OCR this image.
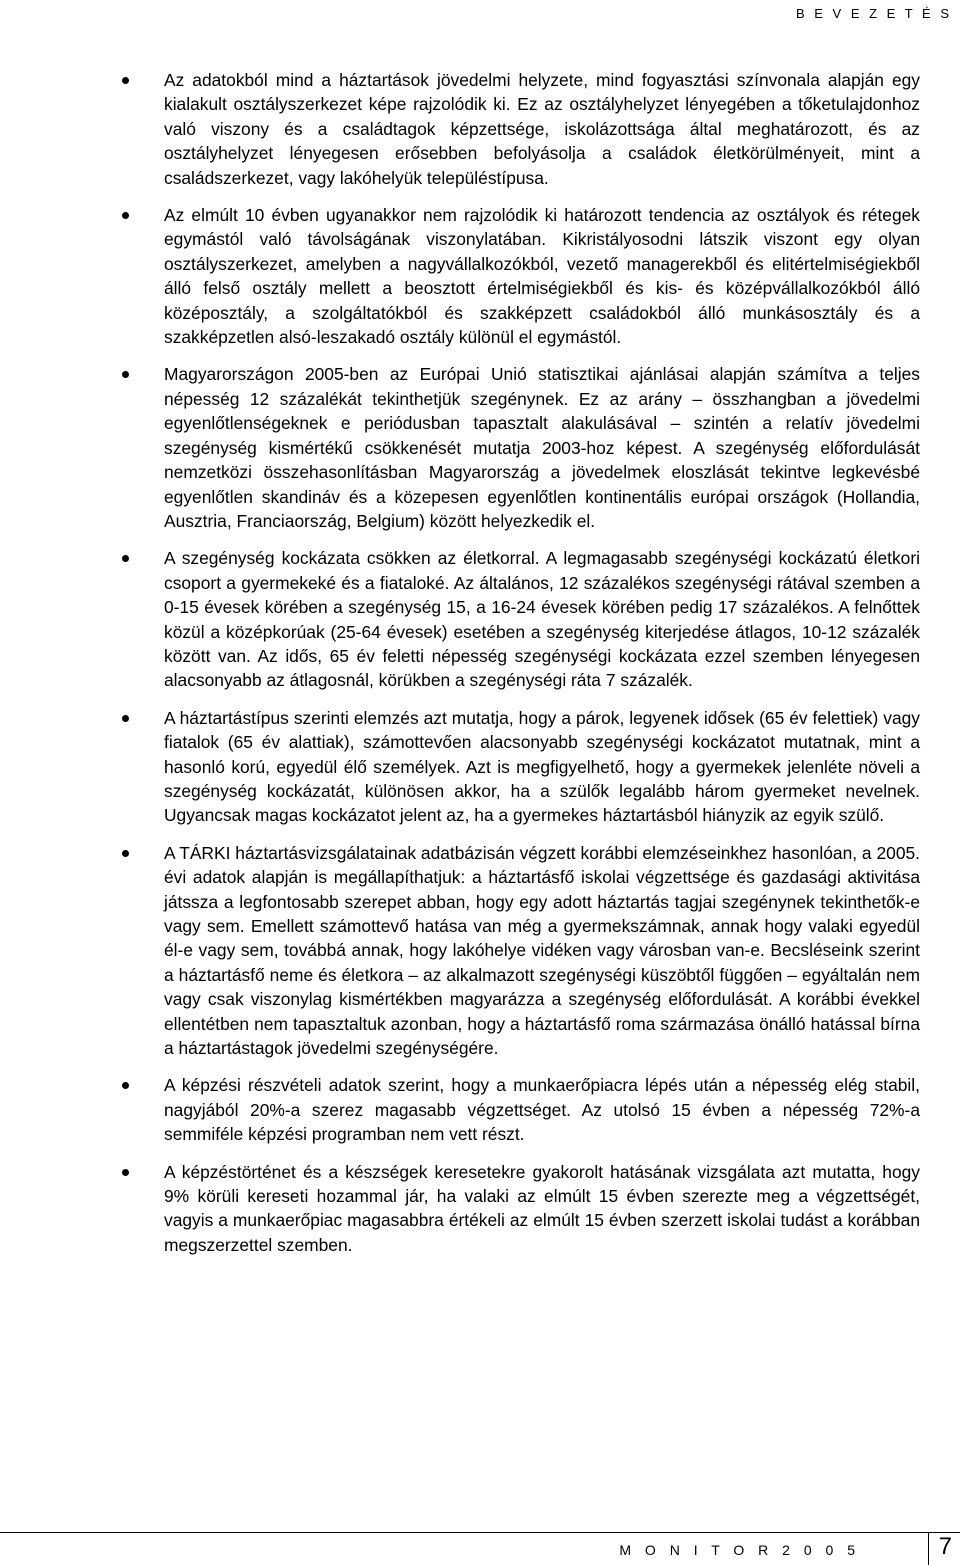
B E V E Z E T É S
Az adatokból mind a háztartások jövedelmi helyzete, mind fogyasztási színvonala alapján egy kialakult osztályszerkezet képe rajzolódik ki. Ez az osztályhelyzet lényegében a tőketulajdonhoz való viszony és a családtagok képzettsége, iskolázottsága által meghatározott, és az osztályhelyzet lényegesen erősebben befolyásolja a családok életkörülményeit, mint a családszerkezet, vagy lakóhelyük településtípusa.
Az elmúlt 10 évben ugyanakkor nem rajzolódik ki határozott tendencia az osztályok és rétegek egymástól való távolságának viszonylatában. Kikristályosodni látszik viszont egy olyan osztályszerkezet, amelyben a nagyvállalkozókból, vezető managerekből és elitértelmiségiekből álló felső osztály mellett a beosztott értelmiségiekből és kis- és középvállalkozókból álló középosztály, a szolgáltatókból és szakképzett családokból álló munkásosztály és a szakképzetlen alsó-leszakadó osztály különül el egymástól.
Magyarországon 2005-ben az Európai Unió statisztikai ajánlásai alapján számítva a teljes népesség 12 százalékát tekinthetjük szegénynek. Ez az arány – összhangban a jövedelmi egyenlőtlenségeknek e periódusban tapasztalt alakulásával – szintén a relatív jövedelmi szegénység kismértékű csökkenését mutatja 2003-hoz képest. A szegénység előfordulását nemzetközi összehasonlításban Magyarország a jövedelmek eloszlását tekintve legkevésbé egyenlőtlen skandináv és a közepesen egyenlőtlen kontinentális európai országok (Hollandia, Ausztria, Franciaország, Belgium) között helyezkedik el.
A szegénység kockázata csökken az életkorral. A legmagasabb szegénységi kockázatú életkori csoport a gyermekeké és a fiataloké. Az általános, 12 százalékos szegénységi rátával szemben a 0-15 évesek körében a szegénység 15, a 16-24 évesek körében pedig 17 százalékos. A felnőttek közül a középkorúak (25-64 évesek) esetében a szegénység kiterjedése átlagos, 10-12 százalék között van. Az idős, 65 év feletti népesség szegénységi kockázata ezzel szemben lényegesen alacsonyabb az átlagosnál, körükben a szegénységi ráta 7 százalék.
A háztartástípus szerinti elemzés azt mutatja, hogy a párok, legyenek idősek (65 év felettiek) vagy fiatalok (65 év alattiak), számottevően alacsonyabb szegénységi kockázatot mutatnak, mint a hasonló korú, egyedül élő személyek. Azt is megfigyelhető, hogy a gyermekek jelenléte növeli a szegénység kockázatát, különösen akkor, ha a szülők legalább három gyermeket nevelnek. Ugyancsak magas kockázatot jelent az, ha a gyermekes háztartásból hiányzik az egyik szülő.
A TÁRKI háztartásvizsgálatainak adatbázisán végzett korábbi elemzéseinkhez hasonlóan, a 2005. évi adatok alapján is megállapíthatjuk: a háztartásfő iskolai végzettsége és gazdasági aktivitása játssza a legfontosabb szerepet abban, hogy egy adott háztartás tagjai szegénynek tekinthetők-e vagy sem. Emellett számottevő hatása van még a gyermekszámnak, annak hogy valaki egyedül él-e vagy sem, továbbá annak, hogy lakóhelye vidéken vagy városban van-e. Becsléseink szerint a háztartásfő neme és életkora – az alkalmazott szegénységi küszöbtől függően – egyáltalán nem vagy csak viszonylag kismértékben magyarázza a szegénység előfordulását. A korábbi évekkel ellentétben nem tapasztaltuk azonban, hogy a háztartásfő roma származása önálló hatással bírna a háztartástagok jövedelmi szegénységére.
A képzési részvételi adatok szerint, hogy a munkaerőpiacra lépés után a népesség elég stabil, nagyjából 20%-a szerez magasabb végzettséget. Az utolsó 15 évben a népesség 72%-a semmiféle képzési programban nem vett részt.
A képzéstörténet és a készségek keresetekre gyakorolt hatásának vizsgálata azt mutatta, hogy 9% körüli kereseti hozammal jár, ha valaki az elmúlt 15 évben szerezte meg a végzettségét, vagyis a munkaerőpiac magasabbra értékeli az elmúlt 15 évben szerzett iskolai tudást a korábban megszerzettel szemben.
M O N I T O R 2 0 0 5	7
